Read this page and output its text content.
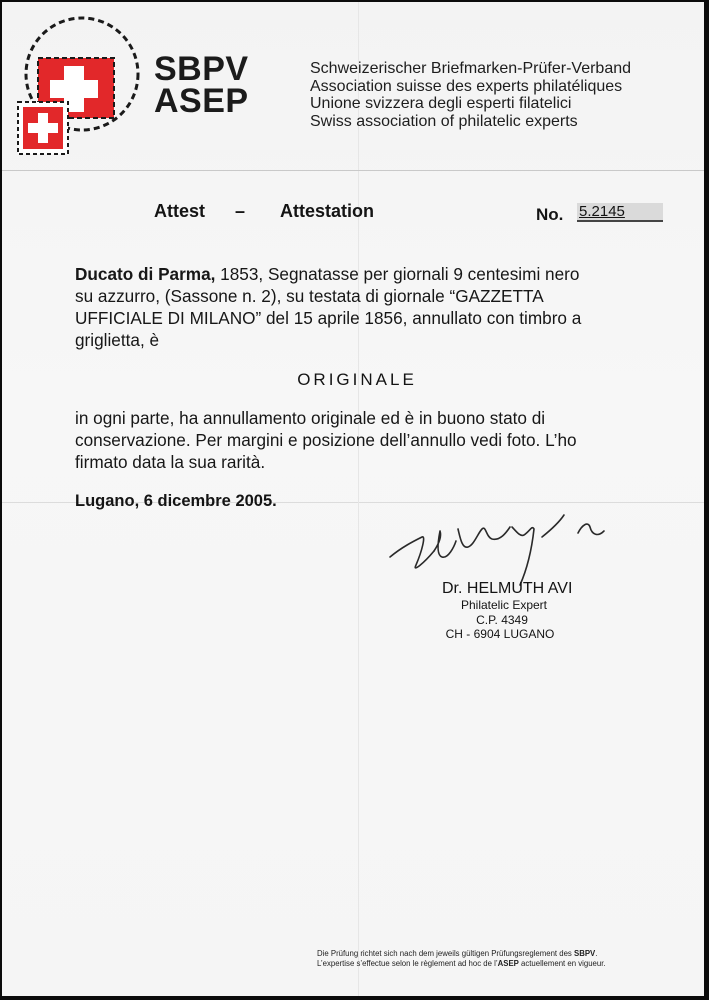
SBPV
ASEP
Schweizerischer Briefmarken-Prüfer-Verband
Association suisse des experts philatéliques
Unione svizzera degli esperti filatelici
Swiss association of philatelic experts
Attest – Attestation	No. 5.2145
Ducato di Parma, 1853, Segnatasse per giornali 9 centesimi nero
su azzurro, (Sassone n. 2), su testata di giornale “GAZZETTA
UFFICIALE DI MILANO” del 15 aprile 1856, annullato con timbro a
griglietta, è
ORIGINALE
in ogni parte, ha annullamento originale ed è in buono stato di
conservazione. Per margini e posizione dell’annullo vedi foto. L’ho
firmato data la sua rarità.
Lugano, 6 dicembre 2005.
Dr. HELMUTH AVI
Philatelic Expert
C.P. 4349
CH - 6904 LUGANO
Die Prüfung richtet sich nach dem jeweils gültigen Prüfungsreglement des SBPV.
L’expertise s’effectue selon le règlement ad hoc de l’ASEP actuellement en vigueur.
